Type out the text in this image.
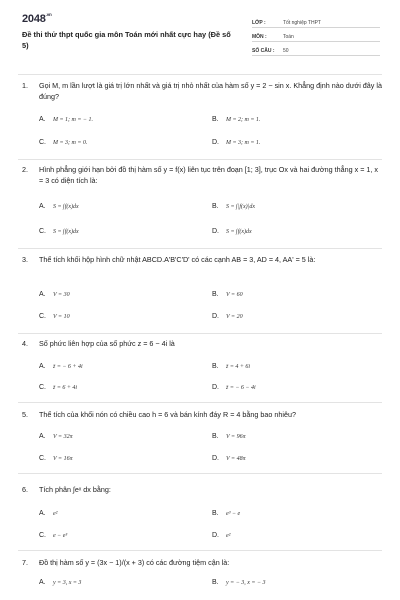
$2048^{.vn}$
Đề thi thử thpt quốc gia môn Toán mới nhất cực hay (Đề số 5)
LỚP :	Tốt nghiệp THPT
MÔN :	Toán
SỐ CÂU :	50
1.	Gọi M, m lần lượt là giá trị lớn nhất và giá trị nhỏ nhất của hàm số y = 2 − sin x. Khẳng định nào dưới đây là đúng?
A.	M = 1; m = − 1.	B.	M = 2; m = 1.
C.	M = 3; m = 0.	D.	M = 3; m = 1.
2.	Hình phẳng giới hạn bởi đồ thị hàm số y = f(x) liên tục trên đoạn [1; 3], trục Ox và hai đường thẳng x = 1, x = 3 có diện tích là:
A.	S = ∫f(x)dx	B.	S = ∫|f(x)|dx
C.	S = ∫f(x)dx	D.	S = ∫f(x)dx
3.	Thể tích khối hộp hình chữ nhật ABCD.A'B'C'D' có các cạnh AB = 3, AD = 4, AA' = 5 là:
A.	V = 30	B.	V = 60
C.	V = 10	D.	V = 20
4.	Số phức liên hợp của số phức z = 6 − 4i là
A.	z̄ = − 6 + 4i	B.	z̄ = 4 + 6i
C.	z̄ = 6 + 4i	D.	z̄ = − 6 − 4i
5.	Thể tích của khối nón có chiều cao h = 6 và bán kính đáy R = 4 bằng bao nhiêu?
A.	V = 32π	B.	V = 96π
C.	V = 16π	D.	V = 48π
6.	Tích phân ∫eˣ dx bằng:
A.	e²	B.	e³ − e
C.	e − e³	D.	e²
7.	Đồ thị hàm số y = (3x − 1)/(x + 3) có các đường tiệm cận là:
A.	y = 3, x = 3	B.	y = − 3, x = − 3
